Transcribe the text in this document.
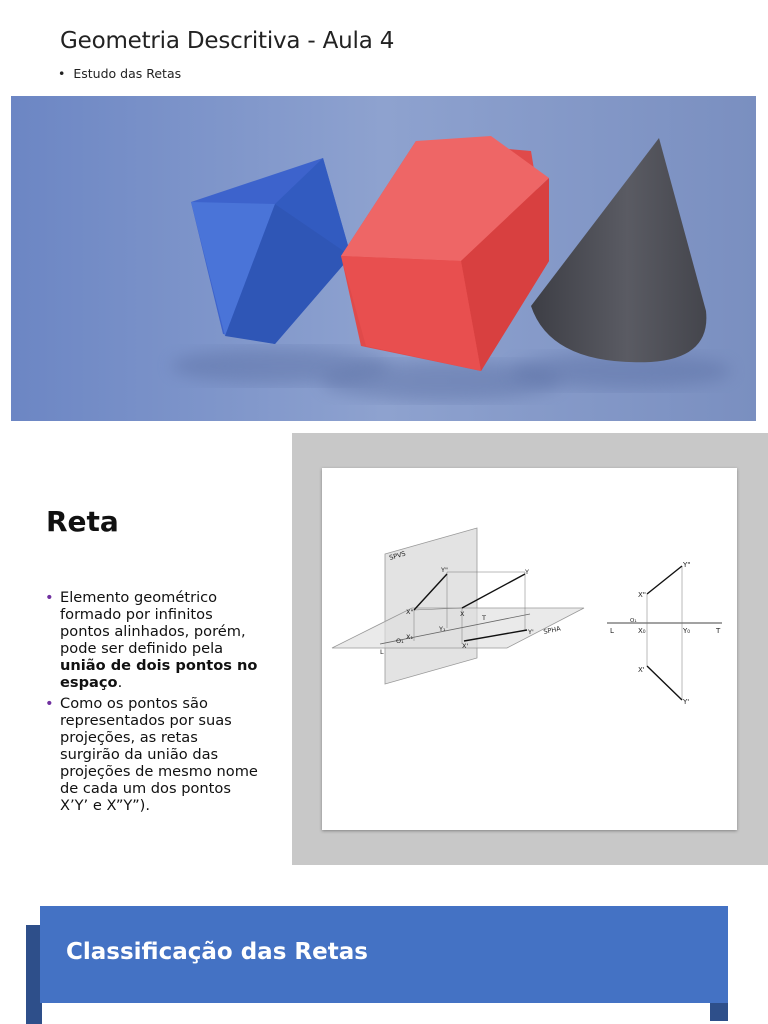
Geometria Descritiva - Aula 4
• Estudo das Retas
Reta
• Elemento geométrico formado por infinitos pontos alinhados, porém, pode ser definido pela união de dois pontos no espaço.
• Como os pontos são representados por suas projeções, as retas surgirão da união das projeções de mesmo nome de cada um dos pontos X’Y’ e X”Y”).
SPVS
SPHA
L
T
O₁ X₁
Y₁
X"
Y"
X'
Y'
X
Y
Y"
X"
O₁
L	X₀	Y₀	T
X'
Y'
Classificação das Retas
